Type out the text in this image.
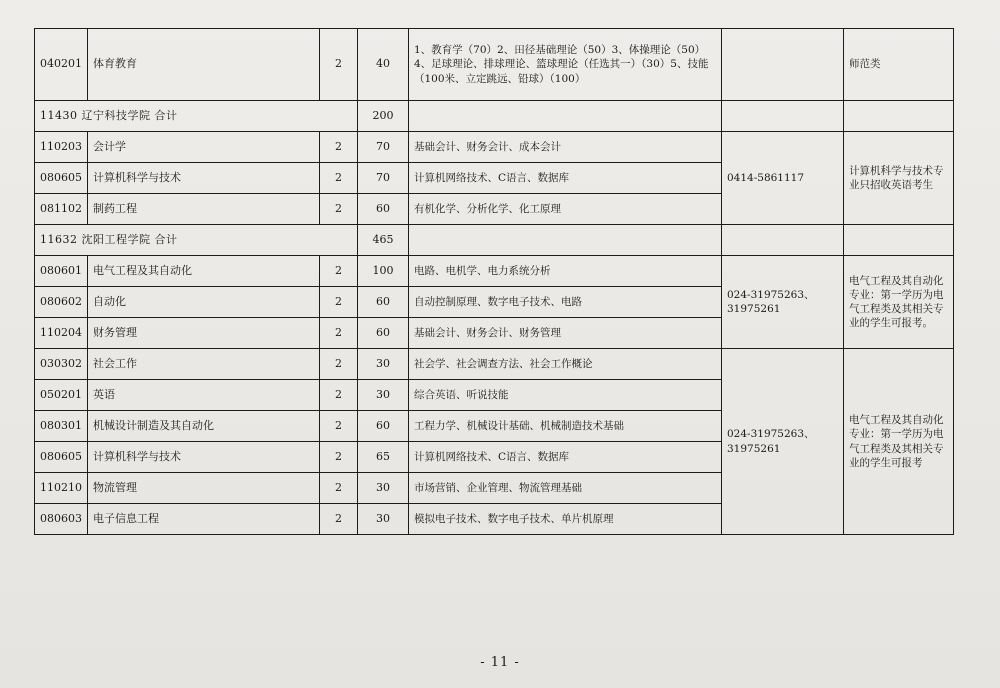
040201	体育教育	2	40	1、教育学（70）2、田径基础理论（50）3、体操理论（50）4、足球理论、排球理论、篮球理论（任选其一）（30）5、技能（100米、立定跳远、铅球）（100）		师范类
11430 辽宁科技学院 合计			200			
110203	会计学	2	70	基础会计、财务会计、成本会计	0414-5861117	计算机科学与技术专业只招收英语考生
080605	计算机科学与技术	2	70	计算机网络技术、C语言、数据库		
081102	制药工程	2	60	有机化学、分析化学、化工原理		
11632 沈阳工程学院 合计			465			
080601	电气工程及其自动化	2	100	电路、电机学、电力系统分析	024-31975263、31975261	电气工程及其自动化专业：第一学历为电气工程类及其相关专业的学生可报考。
080602	自动化	2	60	自动控制原理、数字电子技术、电路		
110204	财务管理	2	60	基础会计、财务会计、财务管理		
030302	社会工作	2	30	社会学、社会调查方法、社会工作概论	024-31975263、31975261	电气工程及其自动化专业：第一学历为电气工程类及其相关专业的学生可报考
050201	英语	2	30	综合英语、听说技能		
080301	机械设计制造及其自动化	2	60	工程力学、机械设计基础、机械制造技术基础		
080605	计算机科学与技术	2	65	计算机网络技术、C语言、数据库		
110210	物流管理	2	30	市场营销、企业管理、物流管理基础		
080603	电子信息工程	2	30	模拟电子技术、数字电子技术、单片机原理		
- 11 -
